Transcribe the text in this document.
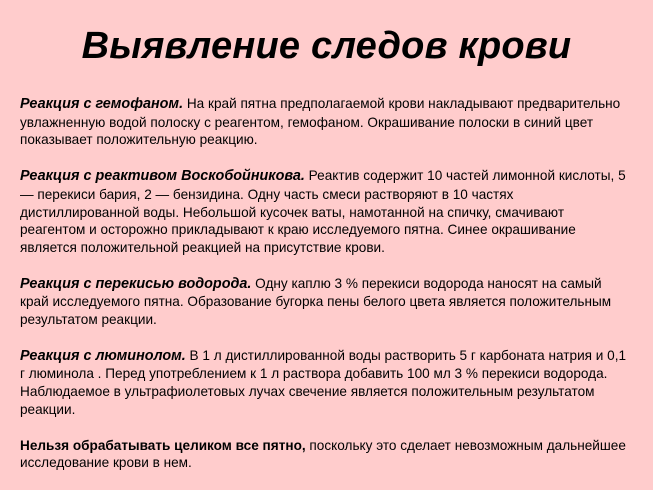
Выявление следов крови

Реакция с гемофаном. На край пятна предполагаемой крови накладывают предварительно увлажненную водой полоску с реагентом, гемофаном. Окрашивание полоски в синий цвет показывает положительную реакцию.

Реакция с реактивом Воскобойникова. Реактив содержит 10 частей лимонной кислоты, 5 — перекиси бария, 2 — бензидина. Одну часть смеси растворяют в 10 частях дистиллированной воды. Небольшой кусочек ваты, намотанной на спичку, смачивают реагентом и осторожно прикладывают к краю исследуемого пятна. Синее окрашивание является положительной реакцией на присутствие крови.

Реакция с перекисью водорода. Одну каплю 3 % перекиси водорода наносят на самый край исследуемого пятна. Образование бугорка пены белого цвета является положительным результатом реакции.

Реакция с люминолом. В 1 л дистиллированной воды растворить 5 г карбоната натрия и 0,1 г люминола . Перед употреблением к 1 л раствора добавить 100 мл 3 % перекиси водорода. Наблюдаемое в ультрафиолетовых лучах свечение является положительным результатом реакции.

Нельзя обрабатывать целиком все пятно, поскольку это сделает невозможным дальнейшее исследование крови в нем.
